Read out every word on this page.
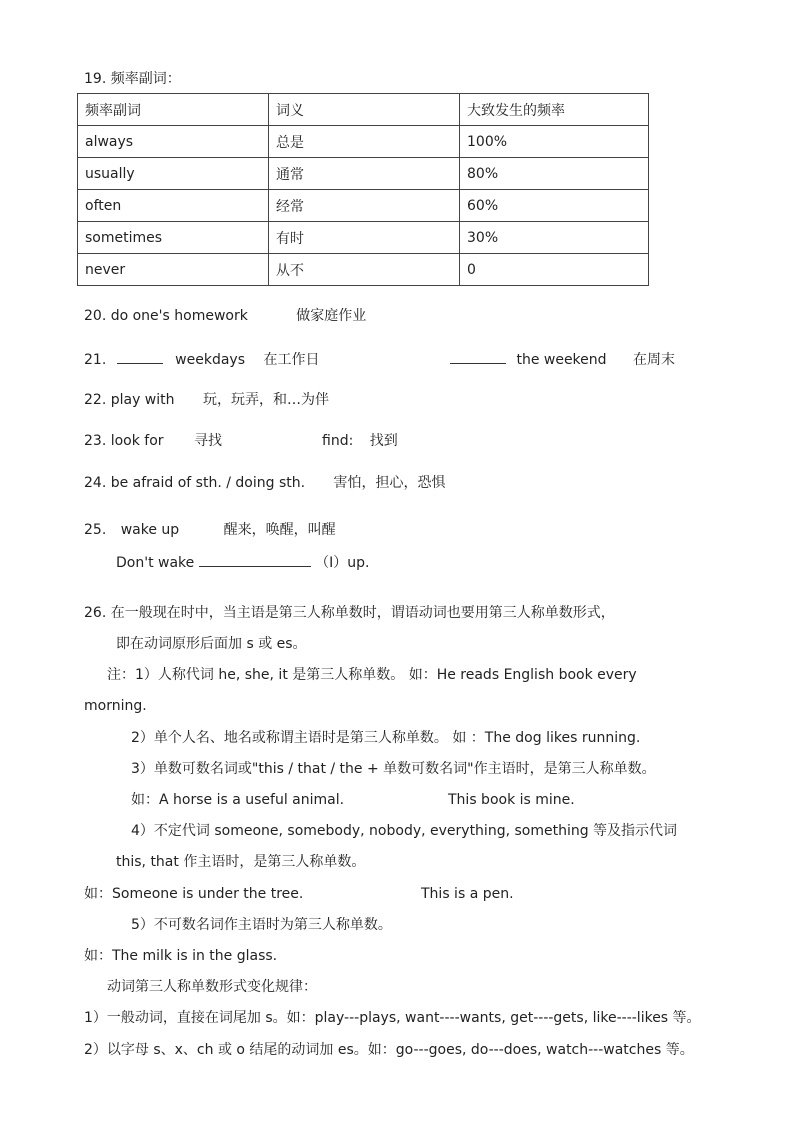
19. 频率副词：
频率副词	词义	大致发生的频率
always	总是	100%
usually	通常	80%
often	经常	60%
sometimes	有时	30%
never	从不	0
20. do one's homework	做家庭作业
21.	weekdays 在工作日	the weekend 在周末
22. play with 玩，玩弄，和…为伴
23. look for 寻找	find: 找到
24. be afraid of sth. / doing sth. 害怕，担心，恐惧
25. wake up	醒来，唤醒，叫醒
Don't wake	（I）up.
26. 在一般现在时中，当主语是第三人称单数时，谓语动词也要用第三人称单数形式，
即在动词原形后面加 s 或 es。
注：1）人称代词 he, she, it 是第三人称单数。 如：He reads English book every
morning.
2）单个人名、地名或称谓主语时是第三人称单数。 如 ：The dog likes running.
3）单数可数名词或"this / that / the + 单数可数名词"作主语时，是第三人称单数。
如：A horse is a useful animal.	This book is mine.
4）不定代词 someone, somebody, nobody, everything, something 等及指示代词
this, that 作主语时，是第三人称单数。
如：Someone is under the tree.	This is a pen.
5）不可数名词作主语时为第三人称单数。
如：The milk is in the glass.
动词第三人称单数形式变化规律：
1）一般动词，直接在词尾加 s。如：play---plays, want----wants, get----gets, like----likes 等。
2）以字母 s、x、ch 或 o 结尾的动词加 es。如：go---goes, do---does, watch---watches 等。
